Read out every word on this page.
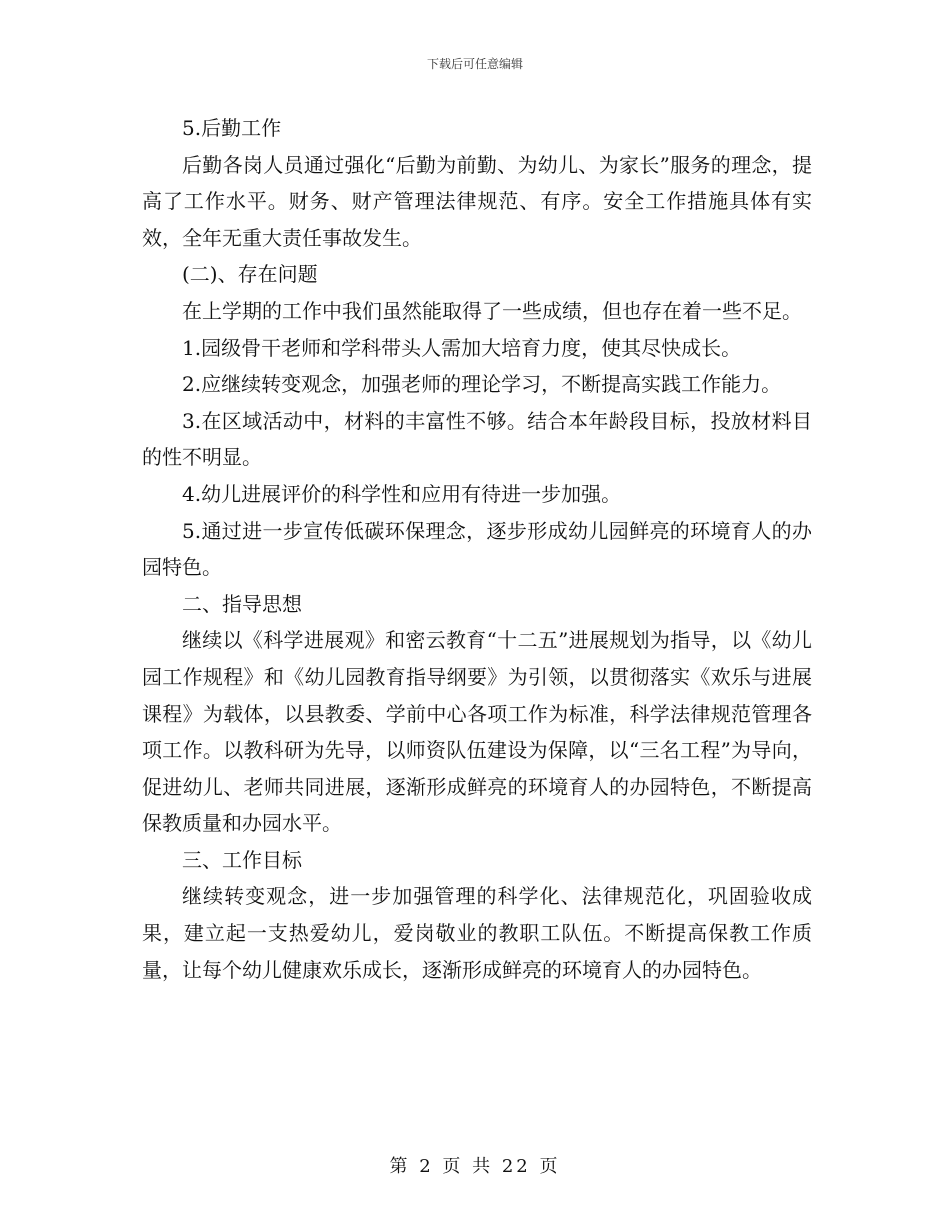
下载后可任意编辑

5.后勤工作

后勤各岗人员通过强化“后勤为前勤、为幼儿、为家长”服务的理念，提高了工作水平。财务、财产管理法律规范、有序。安全工作措施具体有实效，全年无重大责任事故发生。

(二)、存在问题

在上学期的工作中我们虽然能取得了一些成绩，但也存在着一些不足。

1.园级骨干老师和学科带头人需加大培育力度，使其尽快成长。

2.应继续转变观念，加强老师的理论学习，不断提高实践工作能力。

3.在区域活动中，材料的丰富性不够。结合本年龄段目标，投放材料目的性不明显。

4.幼儿进展评价的科学性和应用有待进一步加强。

5.通过进一步宣传低碳环保理念，逐步形成幼儿园鲜亮的环境育人的办园特色。

二、指导思想

继续以《科学进展观》和密云教育“十二五”进展规划为指导，以《幼儿园工作规程》和《幼儿园教育指导纲要》为引领，以贯彻落实《欢乐与进展课程》为载体，以县教委、学前中心各项工作为标准，科学法律规范管理各项工作。以教科研为先导，以师资队伍建设为保障，以“三名工程”为导向，促进幼儿、老师共同进展，逐渐形成鲜亮的环境育人的办园特色，不断提高保教质量和办园水平。

三、工作目标

继续转变观念，进一步加强管理的科学化、法律规范化，巩固验收成果，建立起一支热爱幼儿，爱岗敬业的教职工队伍。不断提高保教工作质量，让每个幼儿健康欢乐成长，逐渐形成鲜亮的环境育人的办园特色。

第 2 页 共 22 页
